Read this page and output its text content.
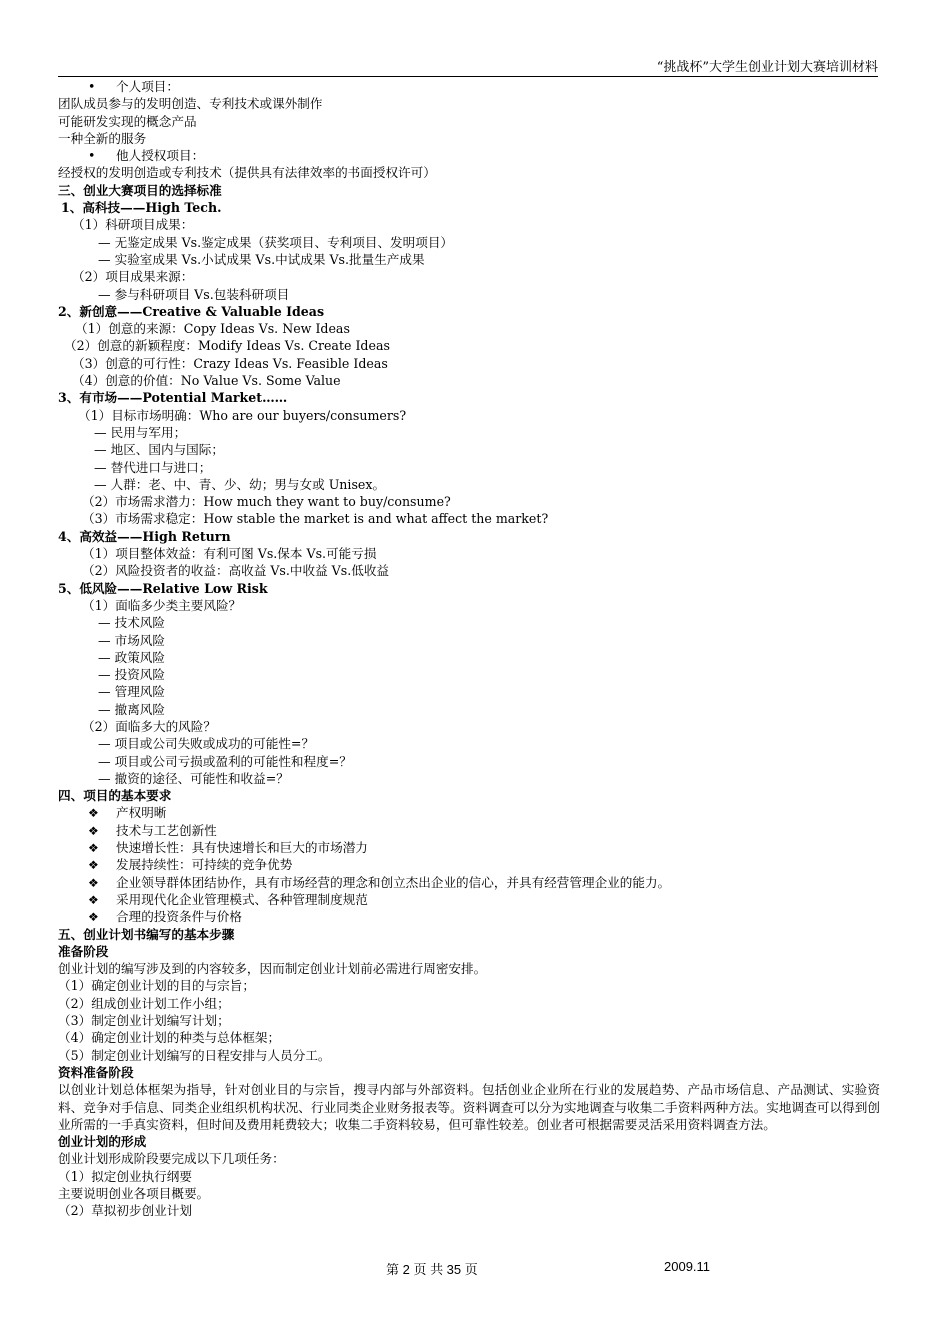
“挑战杯”大学生创业计划大赛培训材料
• 个人项目：
团队成员参与的发明创造、专利技术或课外制作
可能研发实现的概念产品
一种全新的服务
• 他人授权项目：
经授权的发明创造或专利技术（提供具有法律效率的书面授权许可）
三、创业大赛项目的选择标准
1、高科技——High Tech.
（1）科研项目成果：
— 无鉴定成果 Vs.鉴定成果（获奖项目、专利项目、发明项目）
— 实验室成果 Vs.小试成果 Vs.中试成果 Vs.批量生产成果
（2）项目成果来源：
— 参与科研项目 Vs.包装科研项目
2、新创意——Creative & Valuable Ideas
（1）创意的来源：Copy Ideas Vs. New Ideas
（2）创意的新颖程度：Modify Ideas Vs. Create Ideas
（3）创意的可行性：Crazy Ideas Vs. Feasible Ideas
（4）创意的价值：No Value Vs. Some Value
3、有市场——Potential Market……
（1）目标市场明确：Who are our buyers/consumers?
— 民用与军用；
— 地区、国内与国际；
— 替代进口与进口；
— 人群：老、中、青、少、幼；男与女或 Unisex。
（2）市场需求潜力：How much they want to buy/consume?
（3）市场需求稳定：How stable the market is and what affect the market?
4、高效益——High Return
（1）项目整体效益：有利可图 Vs.保本 Vs.可能亏损
（2）风险投资者的收益：高收益 Vs.中收益 Vs.低收益
5、低风险——Relative Low Risk
（1）面临多少类主要风险？
— 技术风险
— 市场风险
— 政策风险
— 投资风险
— 管理风险
— 撤离风险
（2）面临多大的风险？
— 项目或公司失败或成功的可能性=？
— 项目或公司亏损或盈利的可能性和程度=？
— 撤资的途径、可能性和收益=？
四、项目的基本要求
❖ 产权明晰
❖ 技术与工艺创新性
❖ 快速增长性：具有快速增长和巨大的市场潜力
❖ 发展持续性：可持续的竞争优势
❖ 企业领导群体团结协作，具有市场经营的理念和创立杰出企业的信心，并具有经营管理企业的能力。
❖ 采用现代化企业管理模式、各种管理制度规范
❖ 合理的投资条件与价格
五、创业计划书编写的基本步骤
准备阶段
创业计划的编写涉及到的内容较多，因而制定创业计划前必需进行周密安排。
（1）确定创业计划的目的与宗旨；
（2）组成创业计划工作小组；
（3）制定创业计划编写计划；
（4）确定创业计划的种类与总体框架；
（5）制定创业计划编写的日程安排与人员分工。
资料准备阶段
以创业计划总体框架为指导，针对创业目的与宗旨，搜寻内部与外部资料。包括创业企业所在行业的发展趋势、产品市场信息、产品测试、实验资料、竞争对手信息、同类企业组织机构状况、行业同类企业财务报表等。资料调查可以分为实地调查与收集二手资料两种方法。实地调查可以得到创业所需的一手真实资料，但时间及费用耗费较大；收集二手资料较易，但可靠性较差。创业者可根据需要灵活采用资料调查方法。
创业计划的形成
创业计划形成阶段要完成以下几项任务：
（1）拟定创业执行纲要
主要说明创业各项目概要。
（2）草拟初步创业计划
第 2 页 共 35 页	2009.11
